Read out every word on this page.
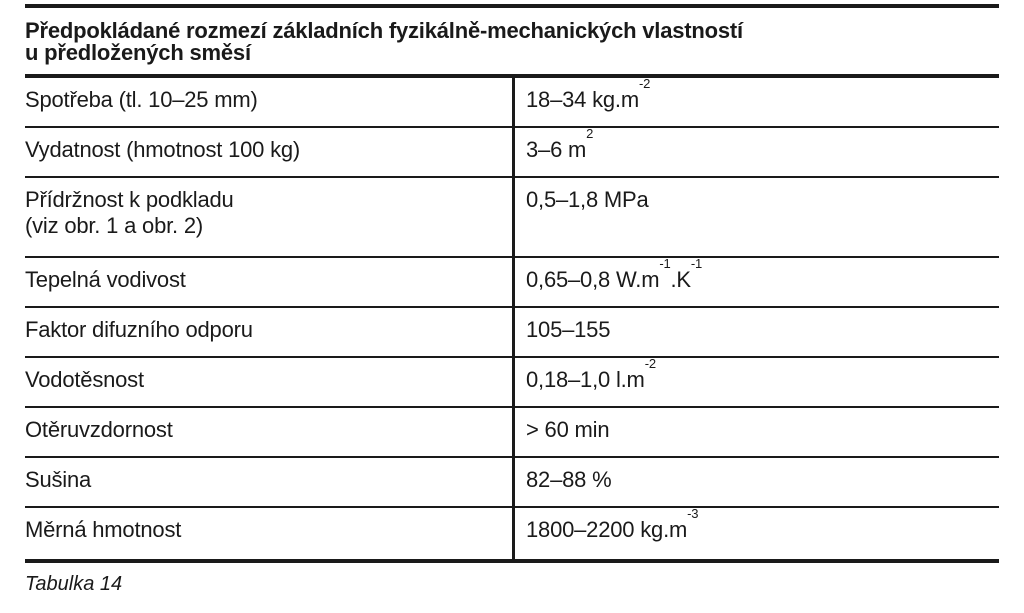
Předpokládané rozmezí základních fyzikálně-mechanických vlastností
u předložených směsí
Spotřeba (tl. 10–25 mm)	18–34 $kg.m^{-2}$
Vydatnost (hmotnost 100 kg)	3–6 $m^2$

Přídržnost k podkladu
(viz obr. 1 a obr. 2)	0,5–1,8 MPa
Tepelná vodivost	0,65–0,8 $W.m^{-1}.K^{-1}$
Faktor difuzního odporu	105–155
Vodotěsnost	0,18–1,0 $l.m^{-2}$
Otěruvzdornost	> 60 min
Sušina	82–88 %
Měrná hmotnost	1800–2200 $kg.m^{-3}$
Tabulka 14
